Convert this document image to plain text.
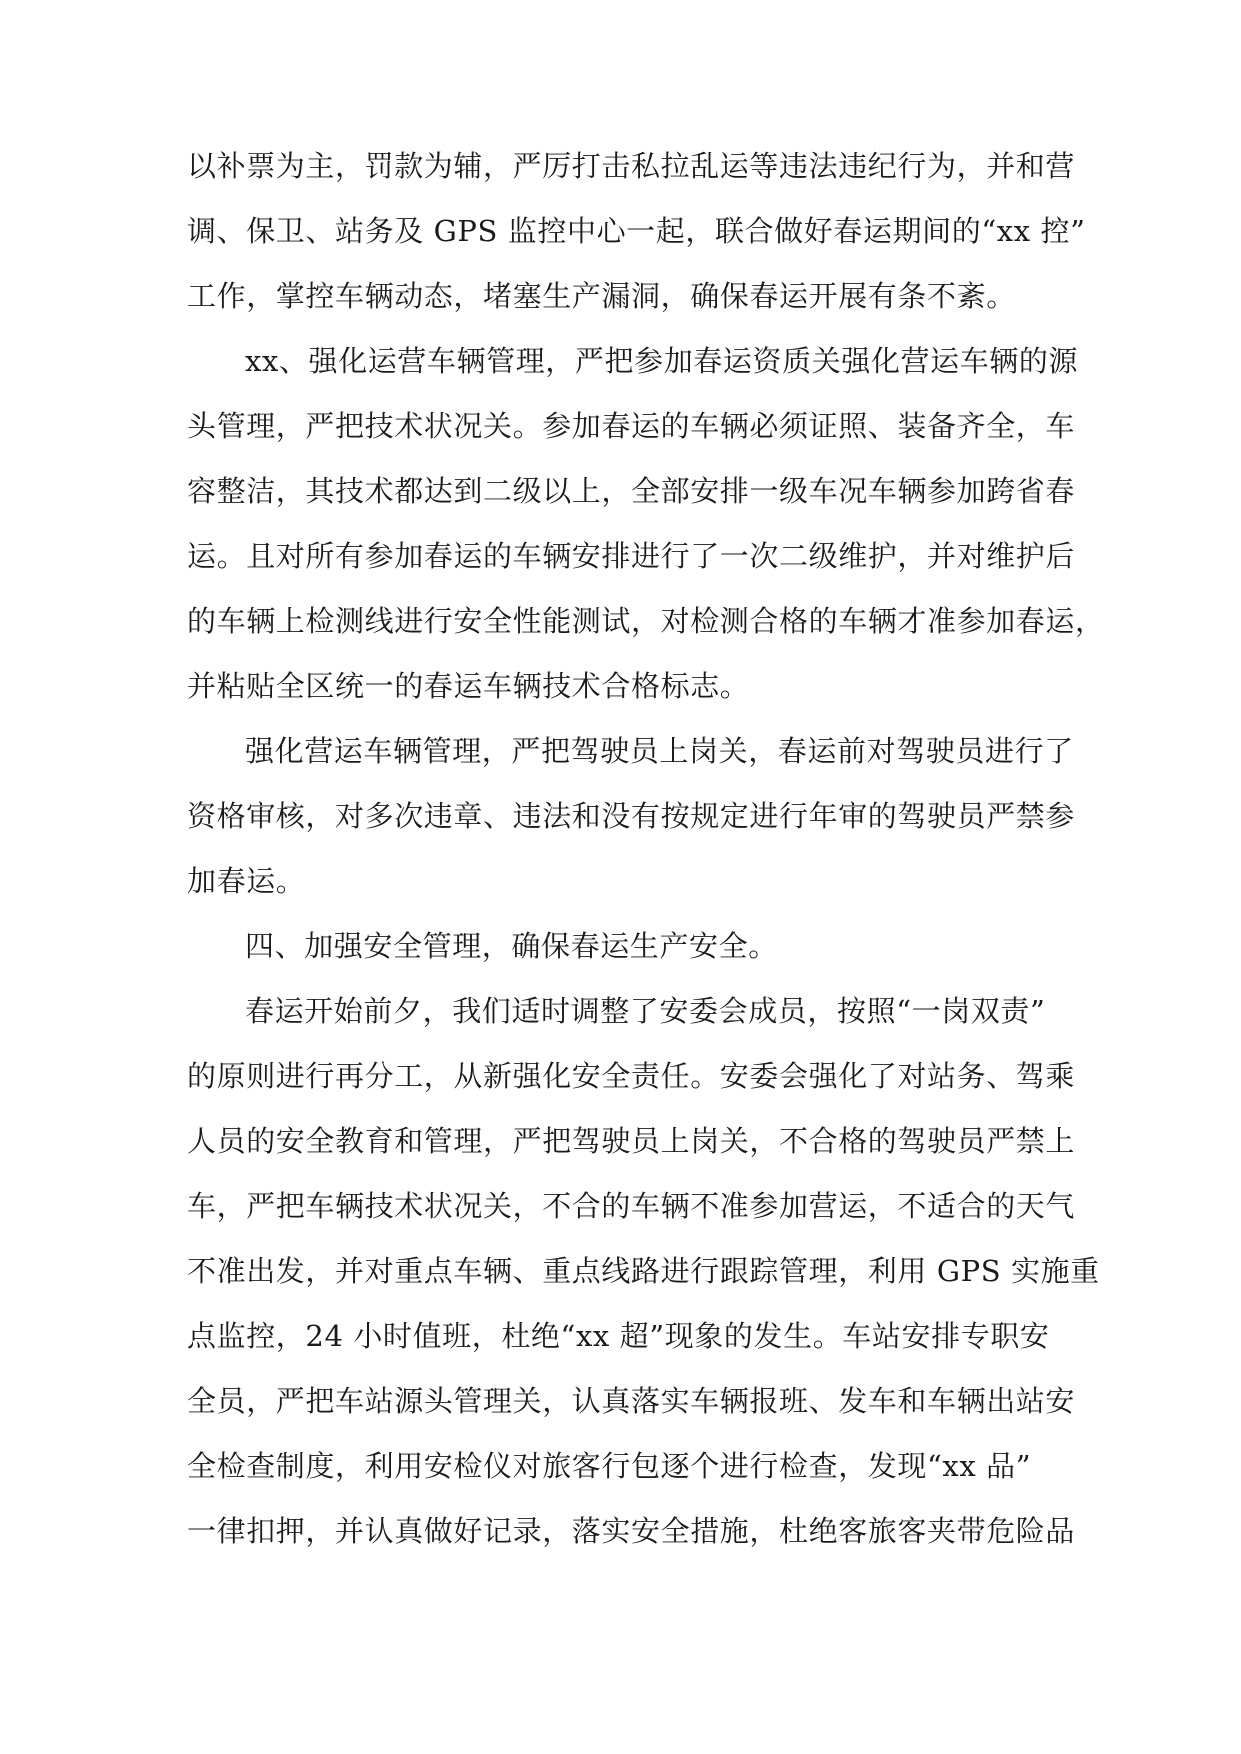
以补票为主，罚款为辅，严厉打击私拉乱运等违法违纪行为，并和营
调、保卫、站务及 GPS 监控中心一起，联合做好春运期间的“xx 控”
工作，掌控车辆动态，堵塞生产漏洞，确保春运开展有条不紊。
xx、强化运营车辆管理，严把参加春运资质关强化营运车辆的源
头管理，严把技术状况关。参加春运的车辆必须证照、装备齐全，车
容整洁，其技术都达到二级以上，全部安排一级车况车辆参加跨省春
运。且对所有参加春运的车辆安排进行了一次二级维护，并对维护后
的车辆上检测线进行安全性能测试，对检测合格的车辆才准参加春运，
并粘贴全区统一的春运车辆技术合格标志。
强化营运车辆管理，严把驾驶员上岗关，春运前对驾驶员进行了
资格审核，对多次违章、违法和没有按规定进行年审的驾驶员严禁参
加春运。
四、加强安全管理，确保春运生产安全。
春运开始前夕，我们适时调整了安委会成员，按照“一岗双责”
的原则进行再分工，从新强化安全责任。安委会强化了对站务、驾乘
人员的安全教育和管理，严把驾驶员上岗关，不合格的驾驶员严禁上
车，严把车辆技术状况关，不合的车辆不准参加营运，不适合的天气
不准出发，并对重点车辆、重点线路进行跟踪管理，利用 GPS 实施重
点监控，24 小时值班，杜绝“xx 超”现象的发生。车站安排专职安
全员，严把车站源头管理关，认真落实车辆报班、发车和车辆出站安
全检查制度，利用安检仪对旅客行包逐个进行检查，发现“xx 品”
一律扣押，并认真做好记录，落实安全措施，杜绝客旅客夹带危险品
